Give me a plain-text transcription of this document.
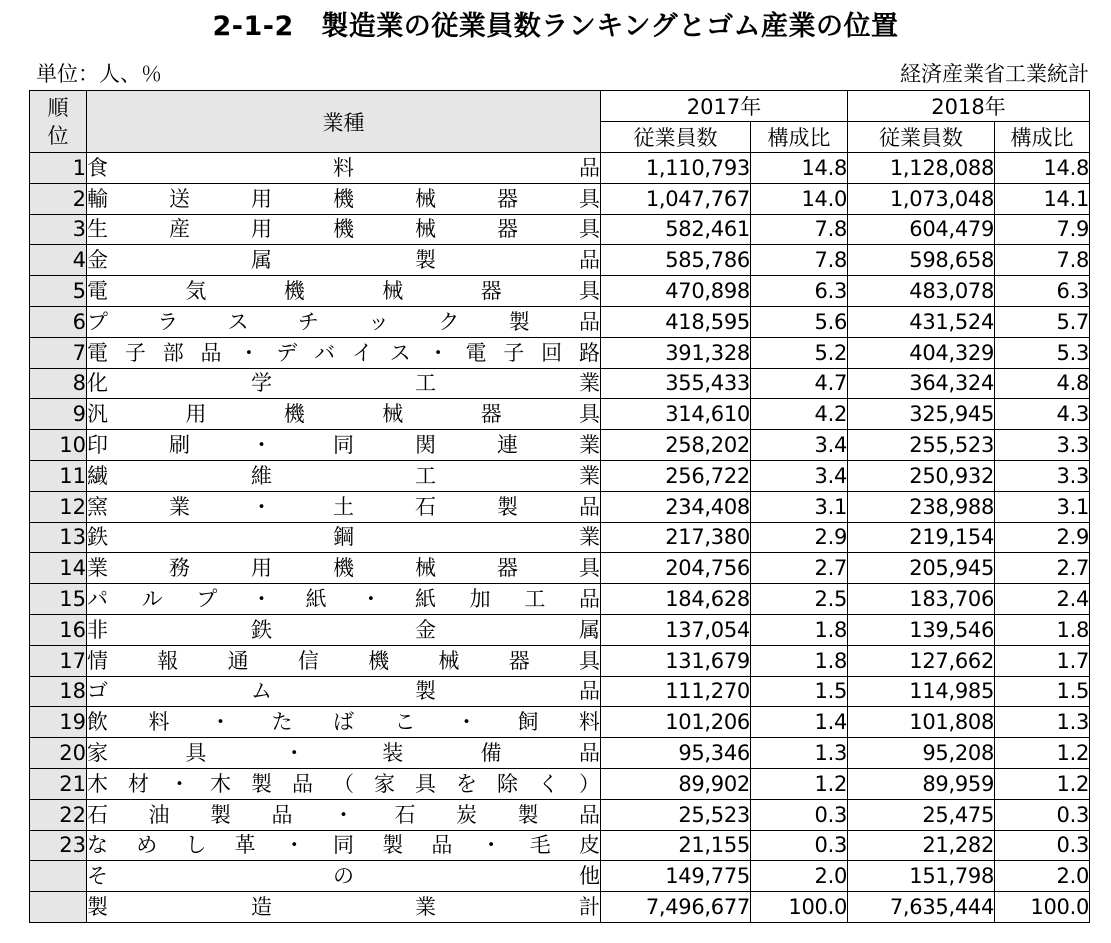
2-1-2　製造業の従業員数ランキングとゴム産業の位置
単位：人、％	経済産業省工業統計
順位	業種	2017年		2018年	
		従業員数	構成比	従業員数	構成比
1	食 料 品	1,110,793	14.8	1,128,088	14.8
2	輸 送 用 機 械 器 具	1,047,767	14.0	1,073,048	14.1
3	生 産 用 機 械 器 具	582,461	7.8	604,479	7.9
4	金 属 製 品	585,786	7.8	598,658	7.8
5	電 気 機 械 器 具	470,898	6.3	483,078	6.3
6	プ ラ ス チ ッ ク 製 品	418,595	5.6	431,524	5.7
7	電 子 部 品 ・ デ バ イ ス ・ 電 子 回 路	391,328	5.2	404,329	5.3
8	化 学 工 業	355,433	4.7	364,324	4.8
9	汎 用 機 械 器 具	314,610	4.2	325,945	4.3
10	印 刷 ・ 同 関 連 業	258,202	3.4	255,523	3.3
11	繊 維 工 業	256,722	3.4	250,932	3.3
12	窯 業 ・ 土 石 製 品	234,408	3.1	238,988	3.1
13	鉄 鋼 業	217,380	2.9	219,154	2.9
14	業 務 用 機 械 器 具	204,756	2.7	205,945	2.7
15	パ ル プ ・ 紙 ・ 紙 加 工 品	184,628	2.5	183,706	2.4
16	非 鉄 金 属	137,054	1.8	139,546	1.8
17	情 報 通 信 機 械 器 具	131,679	1.8	127,662	1.7
18	ゴ ム 製 品	111,270	1.5	114,985	1.5
19	飲 料 ・ た ば こ ・ 飼 料	101,206	1.4	101,808	1.3
20	家 具 ・ 装 備 品	95,346	1.3	95,208	1.2
21	木 材 ・ 木 製 品 （ 家 具 を 除 く ）	89,902	1.2	89,959	1.2
22	石 油 製 品 ・ 石 炭 製 品	25,523	0.3	25,475	0.3
23	な め し 革 ・ 同 製 品 ・ 毛 皮	21,155	0.3	21,282	0.3

	そ の 他	149,775	2.0	151,798	2.0

	製 造 業 計	7,496,677	100.0	7,635,444	100.0
